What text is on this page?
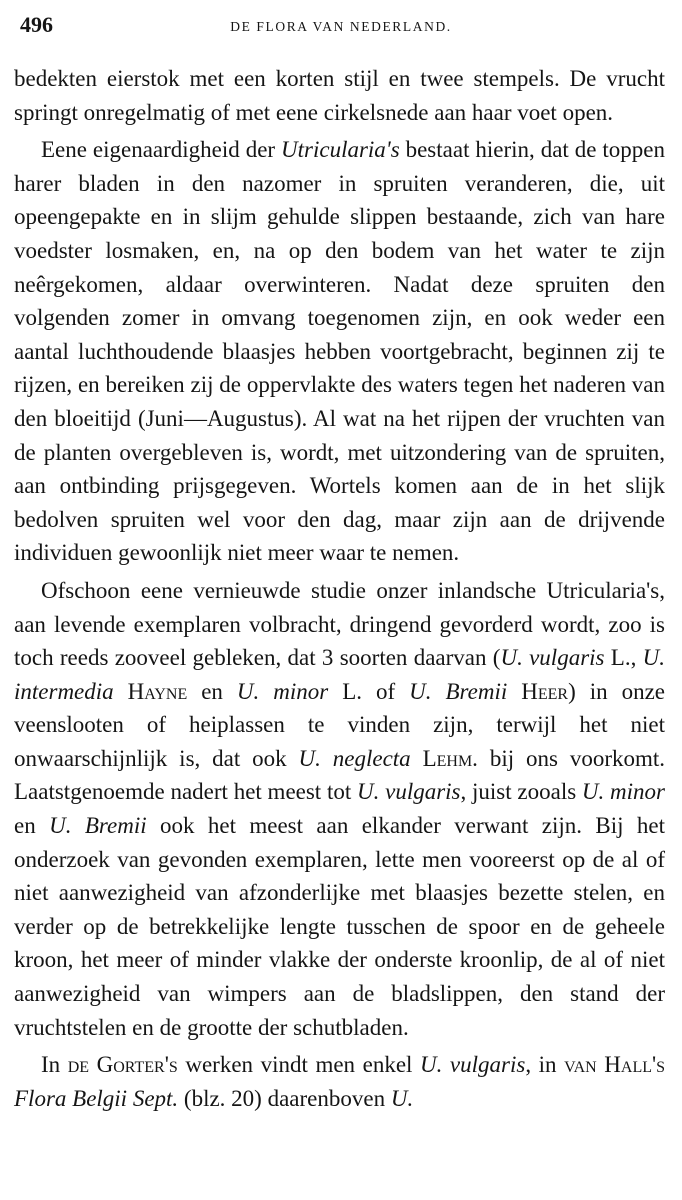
496	DE FLORA VAN NEDERLAND.

bedekten eierstok met een korten stijl en twee stempels. De vrucht springt onregelmatig of met eene cirkelsnede aan haar voet open.

Eene eigenaardigheid der Utricularia's bestaat hierin, dat de toppen harer bladen in den nazomer in spruiten veranderen, die, uit opeengepakte en in slijm gehulde slippen bestaande, zich van hare voedster losmaken, en, na op den bodem van het water te zijn neêrgekomen, aldaar overwinteren. Nadat deze spruiten den volgenden zomer in omvang toegenomen zijn, en ook weder een aantal luchthoudende blaasjes hebben voortgebracht, beginnen zij te rijzen, en bereiken zij de oppervlakte des waters tegen het naderen van den bloeitijd (Juni—Augustus). Al wat na het rijpen der vruchten van de planten overgebleven is, wordt, met uitzondering van de spruiten, aan ontbinding prijsgegeven. Wortels komen aan de in het slijk bedolven spruiten wel voor den dag, maar zijn aan de drijvende individuen gewoonlijk niet meer waar te nemen.

Ofschoon eene vernieuwde studie onzer inlandsche Utricularia's, aan levende exemplaren volbracht, dringend gevorderd wordt, zoo is toch reeds zooveel gebleken, dat 3 soorten daarvan (U. vulgaris L., U. intermedia Hayne en U. minor L. of U. Bremii Heer) in onze veenslooten of heiplassen te vinden zijn, terwijl het niet onwaarschijnlijk is, dat ook U. neglecta Lehm. bij ons voorkomt. Laatstgenoemde nadert het meest tot U. vulgaris, juist zooals U. minor en U. Bremii ook het meest aan elkander verwant zijn. Bij het onderzoek van gevonden exemplaren, lette men vooreerst op de al of niet aanwezigheid van afzonderlijke met blaasjes bezette stelen, en verder op de betrekkelijke lengte tusschen de spoor en de geheele kroon, het meer of minder vlakke der onderste kroonlip, de al of niet aanwezigheid van wimpers aan de bladslippen, den stand der vruchtstelen en de grootte der schutbladen.

In de Gorter's werken vindt men enkel U. vulgaris, in van Hall's Flora Belgii Sept. (blz. 20) daarenboven U.
